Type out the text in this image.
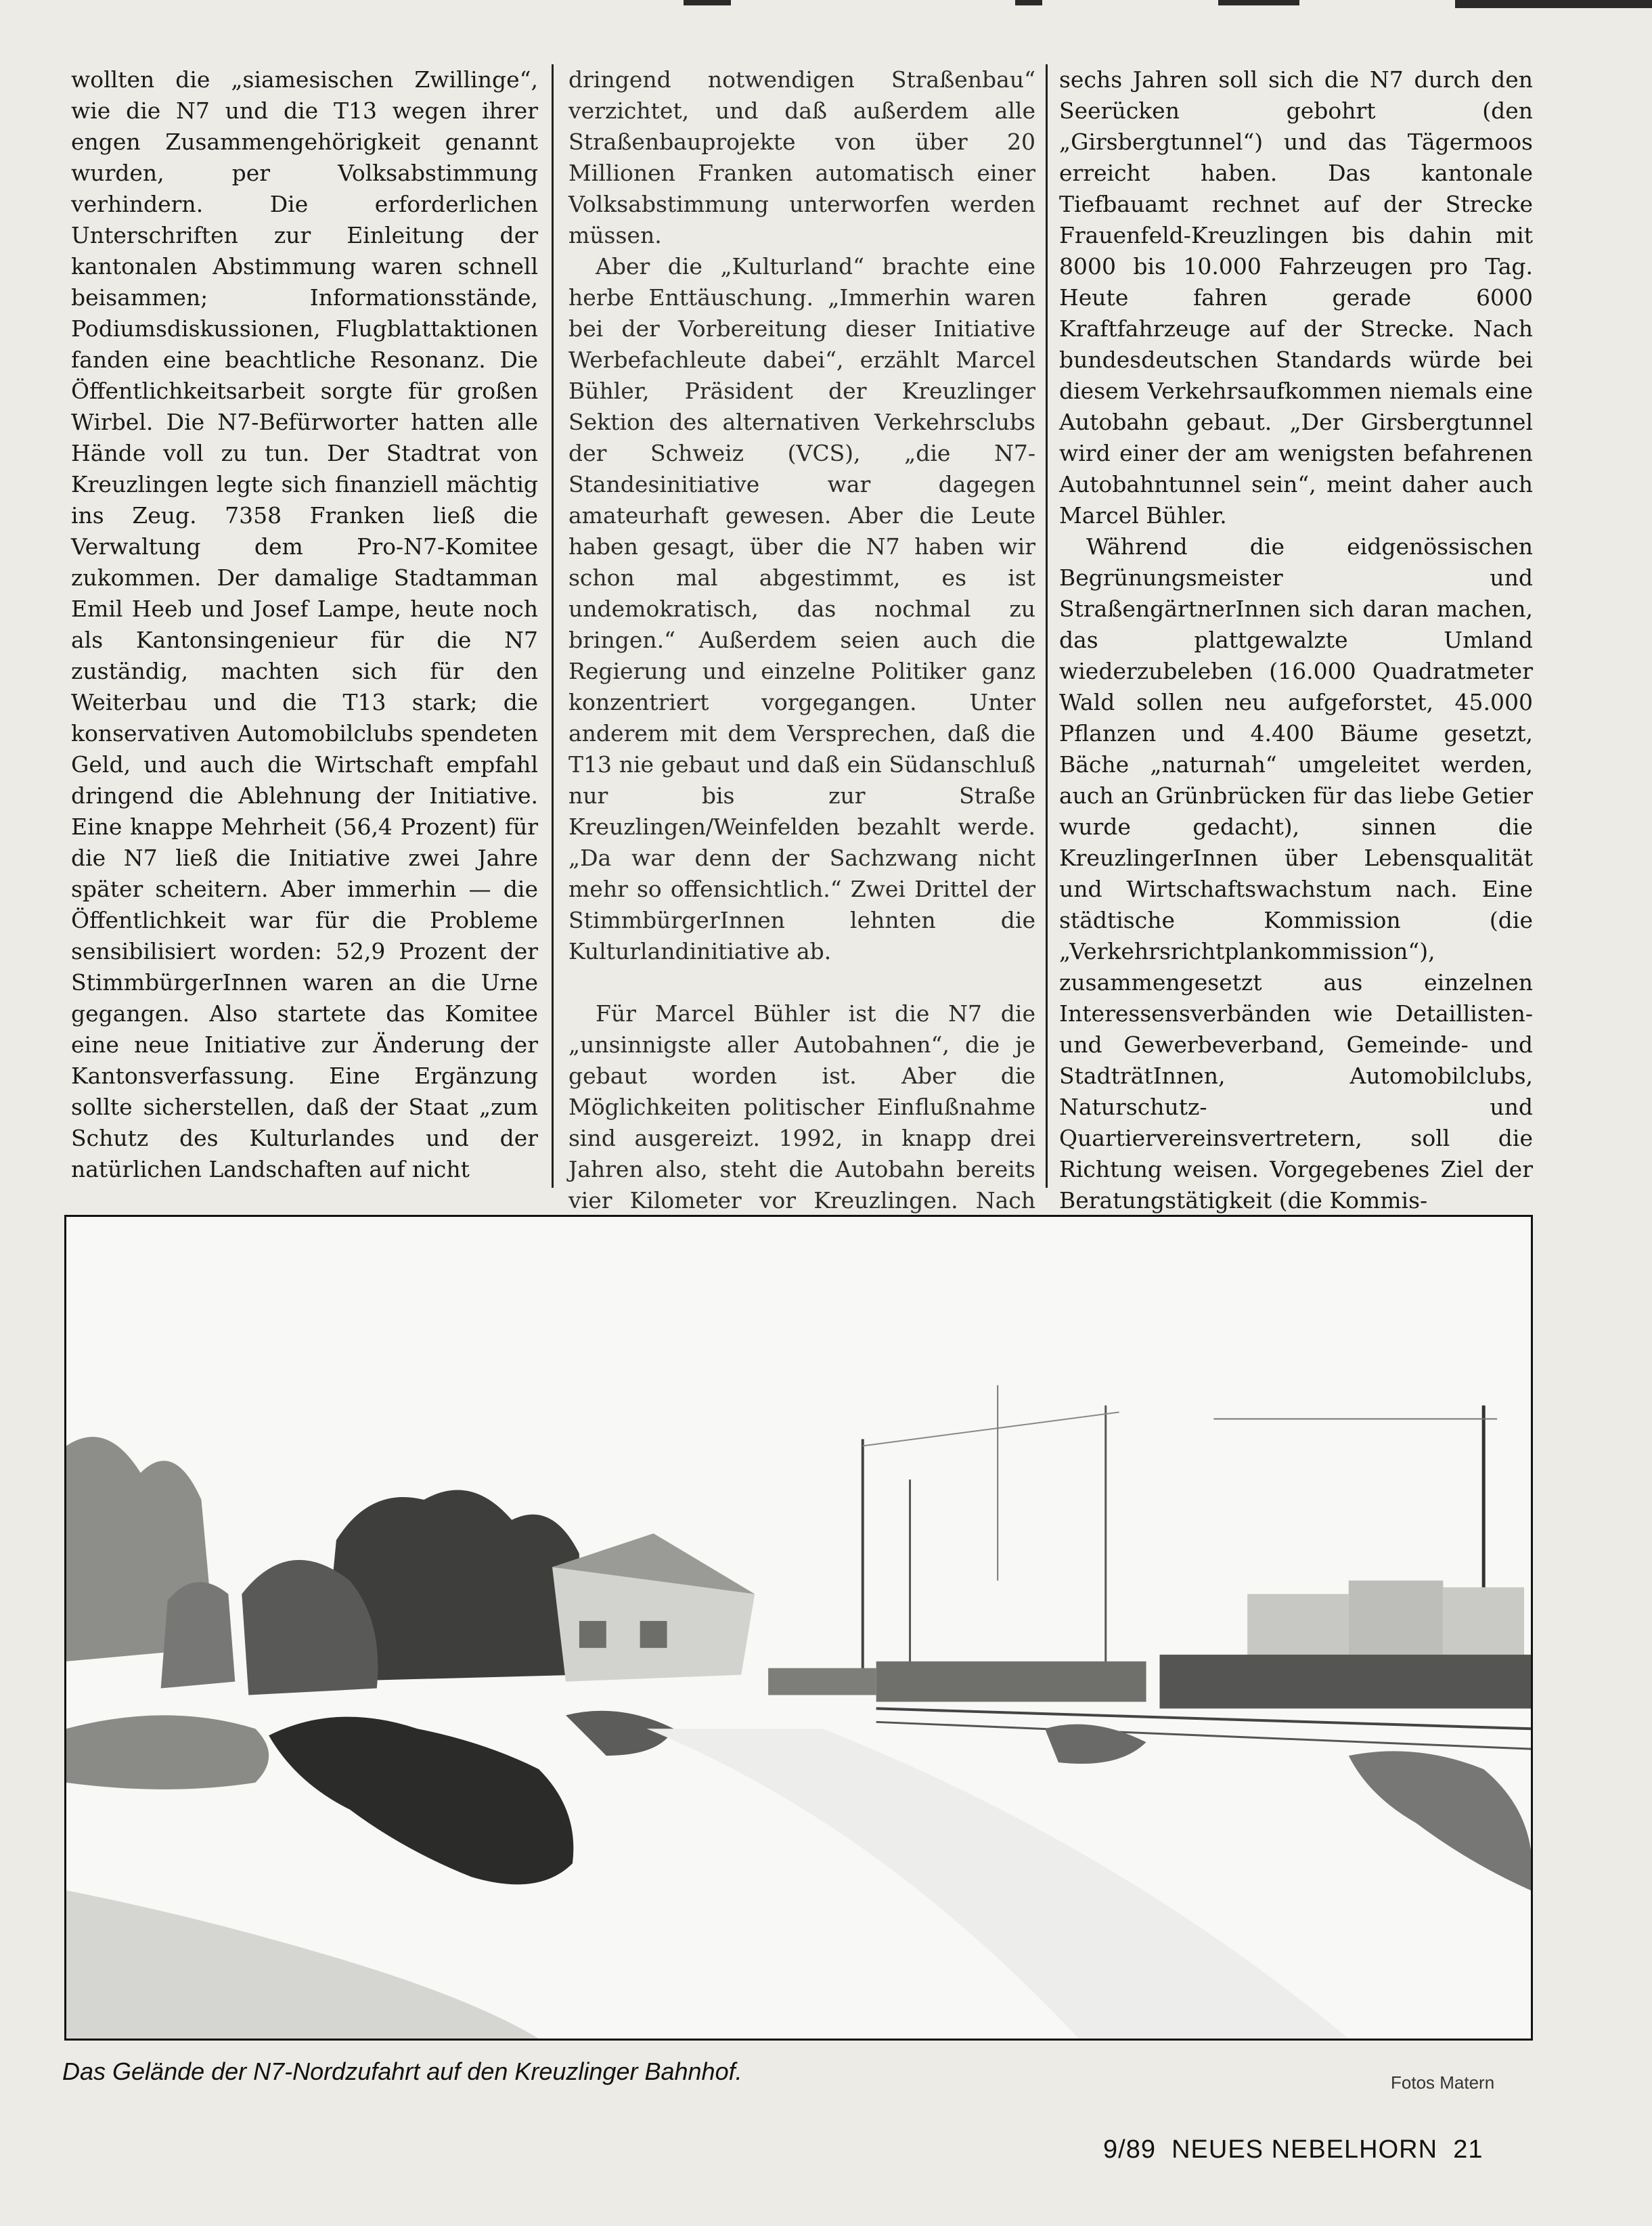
wollten die „siamesischen Zwillinge“, wie die N7 und die T13 wegen ihrer engen Zusammengehörigkeit genannt wurden, per Volksabstimmung verhindern. Die erforderlichen Unterschriften zur Einleitung der kantonalen Abstimmung waren schnell beisammen; Informationsstände, Podiumsdiskussionen, Flugblattaktionen fanden eine beachtliche Resonanz. Die Öffentlichkeitsarbeit sorgte für großen Wirbel. Die N7-Befürworter hatten alle Hände voll zu tun. Der Stadtrat von Kreuzlingen legte sich finanziell mächtig ins Zeug. 7358 Franken ließ die Verwaltung dem Pro-N7-Komitee zukommen. Der damalige Stadtamman Emil Heeb und Josef Lampe, heute noch als Kantonsingenieur für die N7 zuständig, machten sich für den Weiterbau und die T13 stark; die konservativen Automobilclubs spendeten Geld, und auch die Wirtschaft empfahl dringend die Ablehnung der Initiative. Eine knappe Mehrheit (56,4 Prozent) für die N7 ließ die Initiative zwei Jahre später scheitern. Aber immerhin — die Öffentlichkeit war für die Probleme sensibilisiert worden: 52,9 Prozent der StimmbürgerInnen waren an die Urne gegangen. Also startete das Komitee eine neue Initiative zur Änderung der Kantonsverfassung. Eine Ergänzung sollte sicherstellen, daß der Staat „zum Schutz des Kulturlandes und der natürlichen Landschaften auf nicht

dringend notwendigen Straßenbau“ verzichtet, und daß außerdem alle Straßenbauprojekte von über 20 Millionen Franken automatisch einer Volksabstimmung unterworfen werden müssen.

Aber die „Kulturland“ brachte eine herbe Enttäuschung. „Immerhin waren bei der Vorbereitung dieser Initiative Werbefachleute dabei“, erzählt Marcel Bühler, Präsident der Kreuzlinger Sektion des alternativen Verkehrsclubs der Schweiz (VCS), „die N7-Standesinitiative war dagegen amateurhaft gewesen. Aber die Leute haben gesagt, über die N7 haben wir schon mal abgestimmt, es ist undemokratisch, das nochmal zu bringen.“ Außerdem seien auch die Regierung und einzelne Politiker ganz konzentriert vorgegangen. Unter anderem mit dem Versprechen, daß die T13 nie gebaut und daß ein Südanschluß nur bis zur Straße Kreuzlingen/Weinfelden bezahlt werde. „Da war denn der Sachzwang nicht mehr so offensichtlich.“ Zwei Drittel der StimmbürgerInnen lehnten die Kulturlandinitiative ab.

Für Marcel Bühler ist die N7 die „unsinnigste aller Autobahnen“, die je gebaut worden ist. Aber die Möglichkeiten politischer Einflußnahme sind ausgereizt. 1992, in knapp drei Jahren also, steht die Autobahn bereits vier Kilometer vor Kreuzlingen. Nach

sechs Jahren soll sich die N7 durch den Seerücken gebohrt (den „Girsbergtunnel“) und das Tägermoos erreicht haben. Das kantonale Tiefbauamt rechnet auf der Strecke Frauenfeld-Kreuzlingen bis dahin mit 8000 bis 10.000 Fahrzeugen pro Tag. Heute fahren gerade 6000 Kraftfahrzeuge auf der Strecke. Nach bundesdeutschen Standards würde bei diesem Verkehrsaufkommen niemals eine Autobahn gebaut. „Der Girsbergtunnel wird einer der am wenigsten befahrenen Autobahntunnel sein“, meint daher auch Marcel Bühler.

Während die eidgenössischen Begrünungsmeister und StraßengärtnerInnen sich daran machen, das plattgewalzte Umland wiederzubeleben (16.000 Quadratmeter Wald sollen neu aufgeforstet, 45.000 Pflanzen und 4.400 Bäume gesetzt, Bäche „naturnah“ umgeleitet werden, auch an Grünbrücken für das liebe Getier wurde gedacht), sinnen die KreuzlingerInnen über Lebensqualität und Wirtschaftswachstum nach. Eine städtische Kommission (die „Verkehrsrichtplankommission“), zusammengesetzt aus einzelnen Interessensverbänden wie Detaillisten- und Gewerbeverband, Gemeinde- und StadträtInnen, Automobilclubs, Naturschutz- und Quartiervereinsvertretern, soll die Richtung weisen. Vorgegebenes Ziel der Beratungstätigkeit (die Kommis-

Das Gelände der N7-Nordzufahrt auf den Kreuzlinger Bahnhof.	Fotos Matern
9/89 NEUES NEBELHORN 21
